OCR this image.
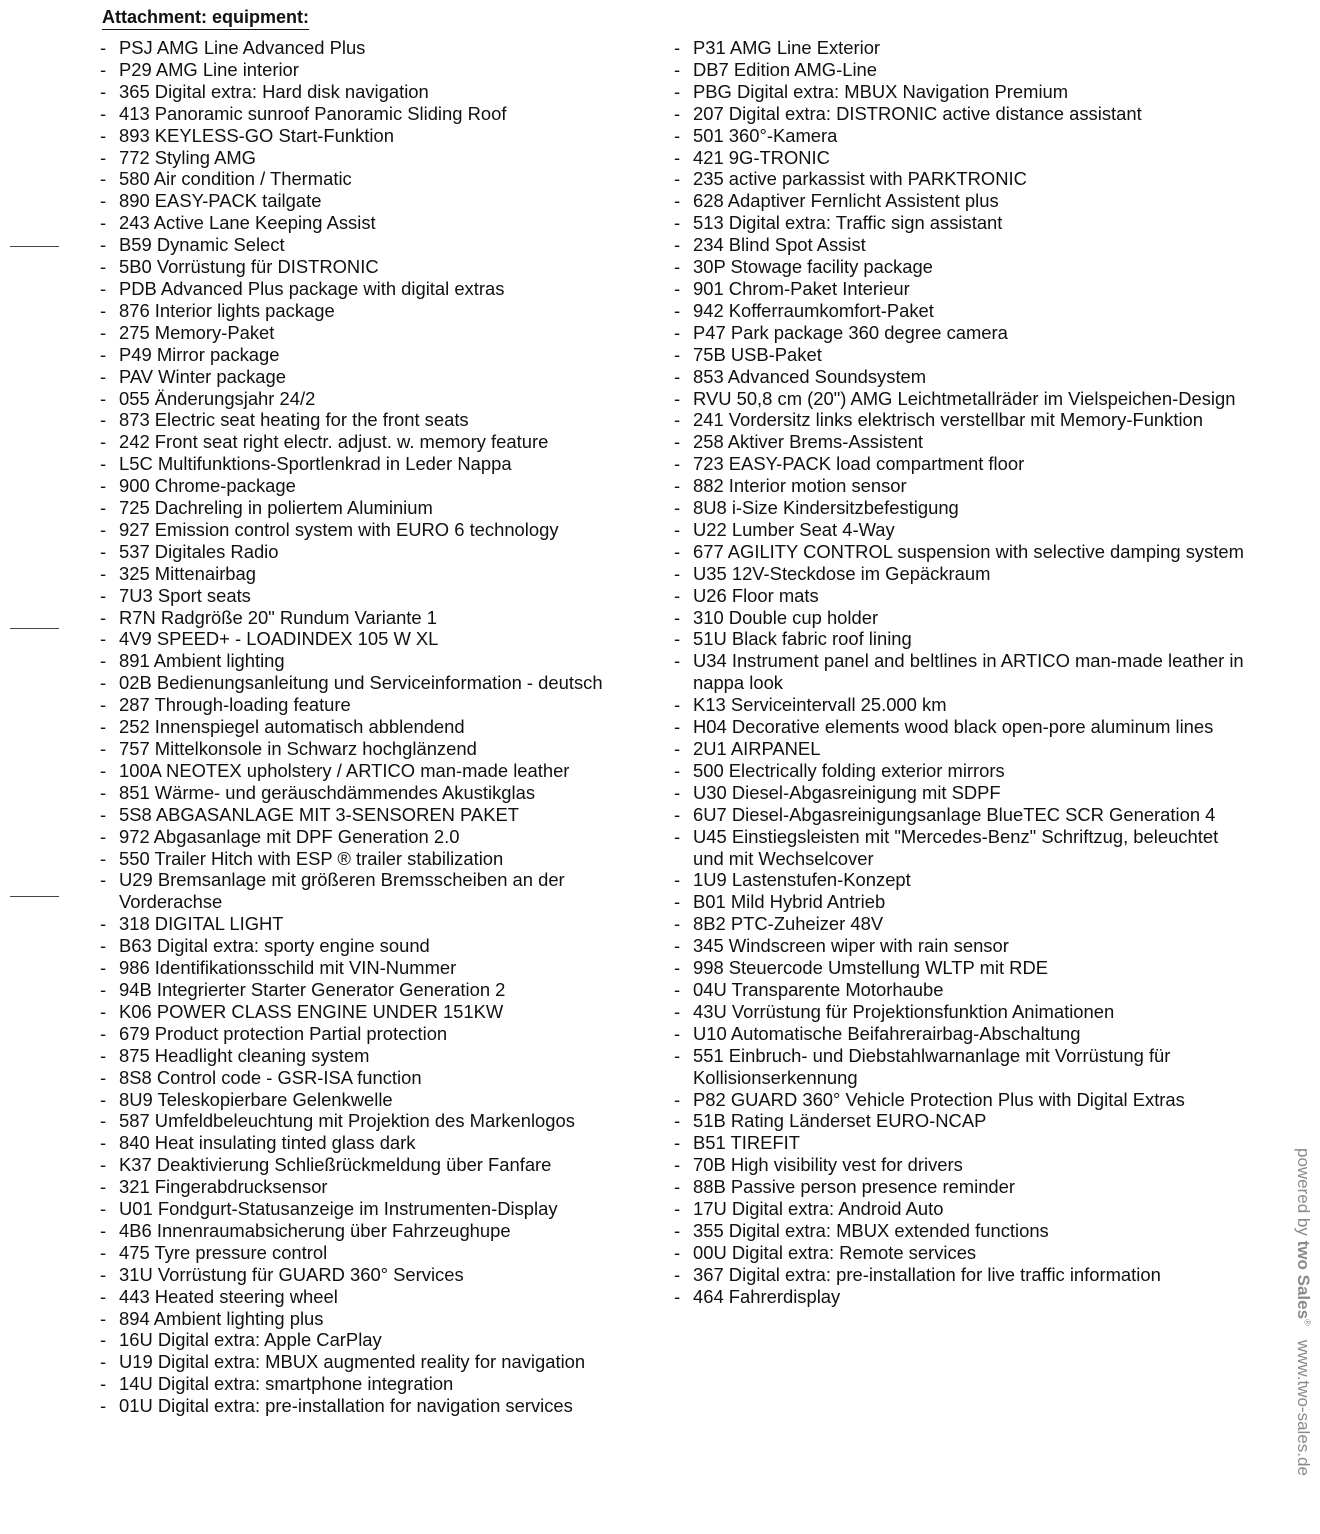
Attachment: equipment:
- PSJ AMG Line Advanced Plus
- P29 AMG Line interior
- 365 Digital extra: Hard disk navigation
- 413 Panoramic sunroof Panoramic Sliding Roof
- 893 KEYLESS-GO Start-Funktion
- 772 Styling AMG
- 580 Air condition / Thermatic
- 890 EASY-PACK tailgate
- 243 Active Lane Keeping Assist
- B59 Dynamic Select
- 5B0 Vorrüstung für DISTRONIC
- PDB Advanced Plus package with digital extras
- 876 Interior lights package
- 275 Memory-Paket
- P49 Mirror package
- PAV Winter package
- 055 Änderungsjahr 24/2
- 873 Electric seat heating for the front seats
- 242 Front seat right electr. adjust. w. memory feature
- L5C Multifunktions-Sportlenkrad in Leder Nappa
- 900 Chrome-package
- 725 Dachreling in poliertem Aluminium
- 927 Emission control system with EURO 6 technology
- 537 Digitales Radio
- 325 Mittenairbag
- 7U3 Sport seats
- R7N Radgröße 20" Rundum Variante 1
- 4V9 SPEED+ - LOADINDEX 105 W XL
- 891 Ambient lighting
- 02B Bedienungsanleitung und Serviceinformation - deutsch
- 287 Through-loading feature
- 252 Innenspiegel automatisch abblendend
- 757 Mittelkonsole in Schwarz hochglänzend
- 100A NEOTEX upholstery / ARTICO man-made leather
- 851 Wärme- und geräuschdämmendes Akustikglas
- 5S8 ABGASANLAGE MIT 3-SENSOREN PAKET
- 972 Abgasanlage mit DPF Generation 2.0
- 550 Trailer Hitch with ESP ® trailer stabilization
- U29 Bremsanlage mit größeren Bremsscheiben an der Vorderachse
- 318 DIGITAL LIGHT
- B63 Digital extra: sporty engine sound
- 986 Identifikationsschild mit VIN-Nummer
- 94B Integrierter Starter Generator Generation 2
- K06 POWER CLASS ENGINE UNDER 151KW
- 679 Product protection Partial protection
- 875 Headlight cleaning system
- 8S8 Control code - GSR-ISA function
- 8U9 Teleskopierbare Gelenkwelle
- 587 Umfeldbeleuchtung mit Projektion des Markenlogos
- 840 Heat insulating tinted glass dark
- K37 Deaktivierung Schließrückmeldung über Fanfare
- 321 Fingerabdrucksensor
- U01 Fondgurt-Statusanzeige im Instrumenten-Display
- 4B6 Innenraumabsicherung über Fahrzeughupe
- 475 Tyre pressure control
- 31U Vorrüstung für GUARD 360° Services
- 443 Heated steering wheel
- 894 Ambient lighting plus
- 16U Digital extra: Apple CarPlay
- U19 Digital extra: MBUX augmented reality for navigation
- 14U Digital extra: smartphone integration
- 01U Digital extra: pre-installation for navigation services
- P31 AMG Line Exterior
- DB7 Edition AMG-Line
- PBG Digital extra: MBUX Navigation Premium
- 207 Digital extra: DISTRONIC active distance assistant
- 501 360°-Kamera
- 421 9G-TRONIC
- 235 active parkassist with PARKTRONIC
- 628 Adaptiver Fernlicht Assistent plus
- 513 Digital extra: Traffic sign assistant
- 234 Blind Spot Assist
- 30P Stowage facility package
- 901 Chrom-Paket Interieur
- 942 Kofferraumkomfort-Paket
- P47 Park package 360 degree camera
- 75B USB-Paket
- 853 Advanced Soundsystem
- RVU 50,8 cm (20") AMG Leichtmetallräder im Vielspeichen-Design
- 241 Vordersitz links elektrisch verstellbar mit Memory-Funktion
- 258 Aktiver Brems-Assistent
- 723 EASY-PACK load compartment floor
- 882 Interior motion sensor
- 8U8 i-Size Kindersitzbefestigung
- U22 Lumber Seat 4-Way
- 677 AGILITY CONTROL suspension with selective damping system
- U35 12V-Steckdose im Gepäckraum
- U26 Floor mats
- 310 Double cup holder
- 51U Black fabric roof lining
- U34 Instrument panel and beltlines in ARTICO man-made leather in nappa look
- K13 Serviceintervall 25.000 km
- H04 Decorative elements wood black open-pore aluminum lines
- 2U1 AIRPANEL
- 500 Electrically folding exterior mirrors
- U30 Diesel-Abgasreinigung mit SDPF
- 6U7 Diesel-Abgasreinigungsanlage BlueTEC SCR Generation 4
- U45 Einstiegsleisten mit "Mercedes-Benz" Schriftzug, beleuchtet und mit Wechselcover
- 1U9 Lastenstufen-Konzept
- B01 Mild Hybrid Antrieb
- 8B2 PTC-Zuheizer 48V
- 345 Windscreen wiper with rain sensor
- 998 Steuercode Umstellung WLTP mit RDE
- 04U Transparente Motorhaube
- 43U Vorrüstung für Projektionsfunktion Animationen
- U10 Automatische Beifahrerairbag-Abschaltung
- 551 Einbruch- und Diebstahlwarnanlage mit Vorrüstung für Kollisionserkennung
- P82 GUARD 360° Vehicle Protection Plus with Digital Extras
- 51B Rating Länderset EURO-NCAP
- B51 TIREFIT
- 70B High visibility vest for drivers
- 88B Passive person presence reminder
- 17U Digital extra: Android Auto
- 355 Digital extra: MBUX extended functions
- 00U Digital extra: Remote services
- 367 Digital extra: pre-installation for live traffic information
- 464 Fahrerdisplay
powered by two Sales®   www.two-sales.de
